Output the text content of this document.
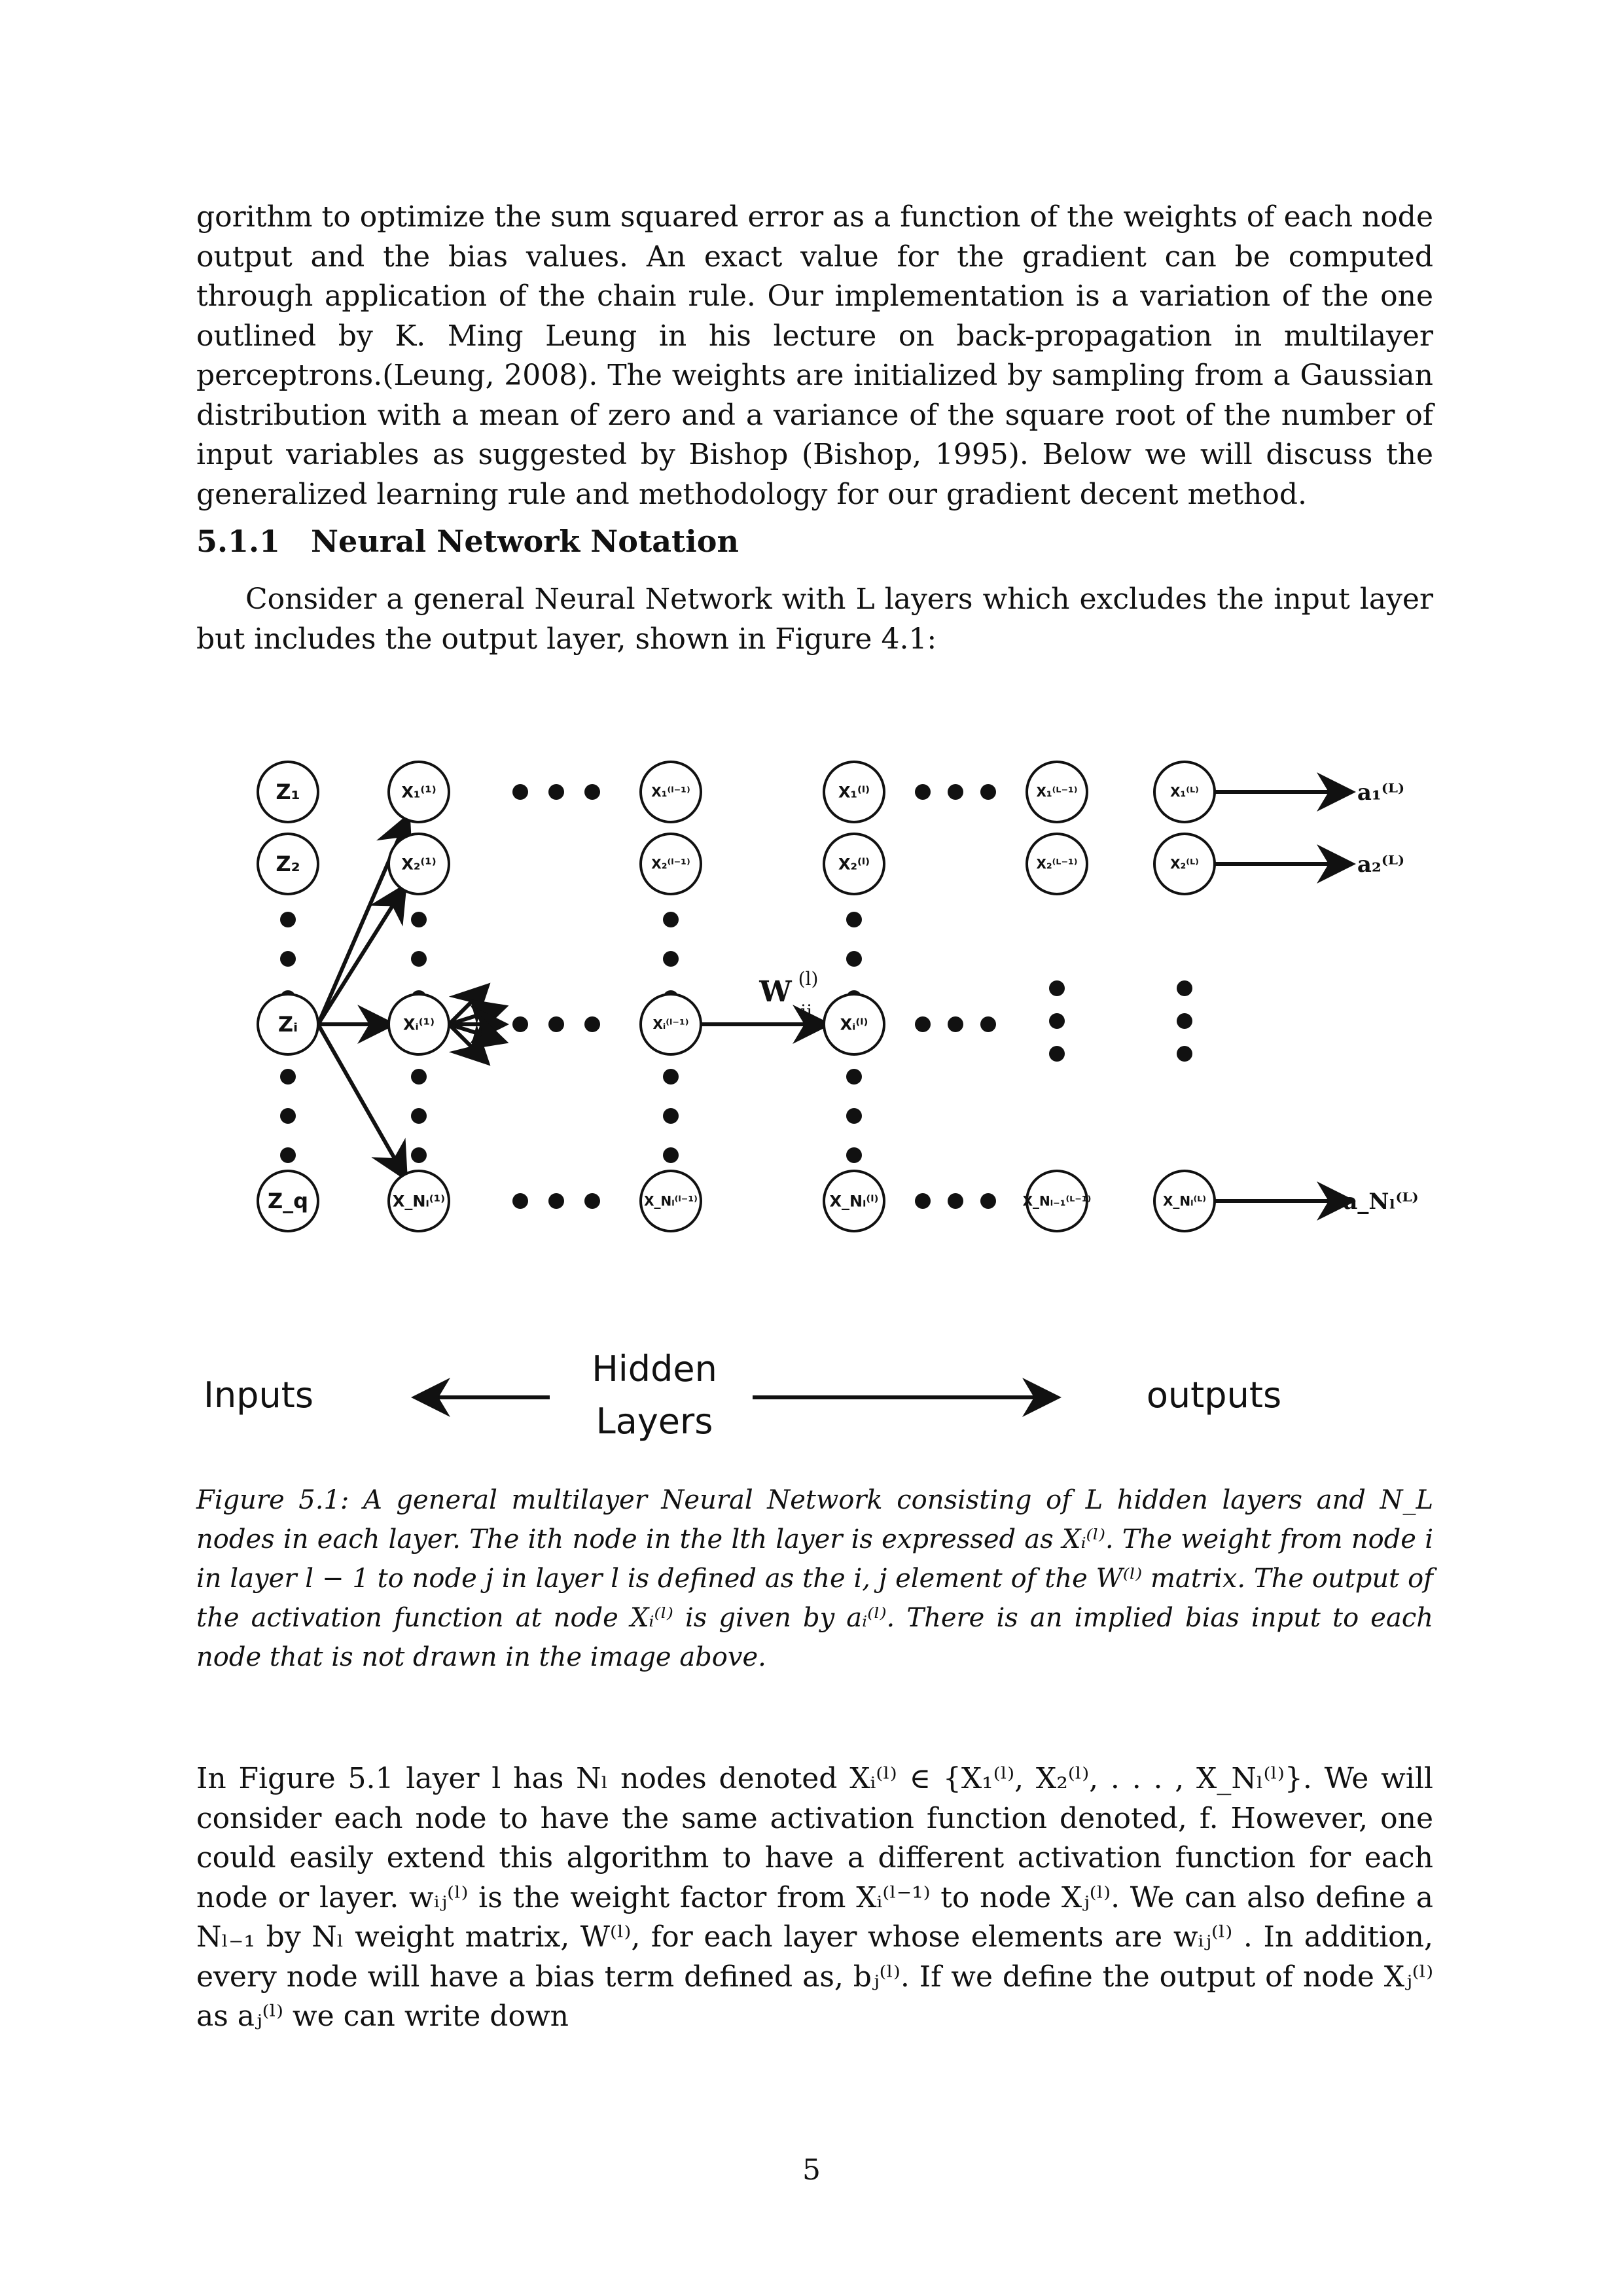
gorithm to optimize the sum squared error as a function of the weights of each node output and the bias values. An exact value for the gradient can be computed through application of the chain rule. Our implementation is a variation of the one outlined by K. Ming Leung in his lecture on back-propagation in multilayer perceptrons.(Leung, 2008). The weights are initialized by sampling from a Gaussian distribution with a mean of zero and a variance of the square root of the number of input variables as suggested by Bishop (Bishop, 1995). Below we will discuss the generalized learning rule and methodology for our gradient decent method.

5.1.1 Neural Network Notation

Consider a general Neural Network with L layers which excludes the input layer but includes the output layer, shown in Figure 4.1:

Z₁
Z₂
Zᵢ
Z_q
X₁⁽¹⁾
X₂⁽¹⁾
Xᵢ⁽¹⁾
X_Nₗ⁽¹⁾
X₁⁽ˡ⁻¹⁾
X₂⁽ˡ⁻¹⁾
Xᵢ⁽ˡ⁻¹⁾
X_Nₗ⁽ˡ⁻¹⁾
X₁⁽ˡ⁾
X₂⁽ˡ⁾
Xᵢ⁽ˡ⁾
X_Nₗ⁽ˡ⁾
X₁⁽ᴸ⁻¹⁾
X₂⁽ᴸ⁻¹⁾
X_Nₗ₋₁⁽ᴸ⁻¹⁾
X₁⁽ᴸ⁾
X₂⁽ᴸ⁾
X_Nₗ⁽ᴸ⁾
a₁⁽ᴸ⁾
a₂⁽ᴸ⁾
a_Nₗ⁽ᴸ⁾
W (l)
ij
Inputs
Hidden
Layers
outputs

Figure 5.1: A general multilayer Neural Network consisting of L hidden layers and N_L nodes in each layer. The ith node in the lth layer is expressed as Xᵢ⁽ˡ⁾. The weight from node i in layer l − 1 to node j in layer l is defined as the i, j element of the W⁽ˡ⁾ matrix. The output of the activation function at node Xᵢ⁽ˡ⁾ is given by aᵢ⁽ˡ⁾. There is an implied bias input to each node that is not drawn in the image above.

In Figure 5.1 layer l has Nₗ nodes denoted Xᵢ⁽ˡ⁾ ∈ {X₁⁽ˡ⁾, X₂⁽ˡ⁾, . . . , X_Nₗ⁽ˡ⁾}. We will consider each node to have the same activation function denoted, f. However, one could easily extend this algorithm to have a different activation function for each node or layer. wᵢⱼ⁽ˡ⁾ is the weight factor from Xᵢ⁽ˡ⁻¹⁾ to node Xⱼ⁽ˡ⁾. We can also define a Nₗ₋₁ by Nₗ weight matrix, W⁽ˡ⁾, for each layer whose elements are wᵢⱼ⁽ˡ⁾ . In addition, every node will have a bias term defined as, bⱼ⁽ˡ⁾. If we define the output of node Xⱼ⁽ˡ⁾ as aⱼ⁽ˡ⁾ we can write down

5
